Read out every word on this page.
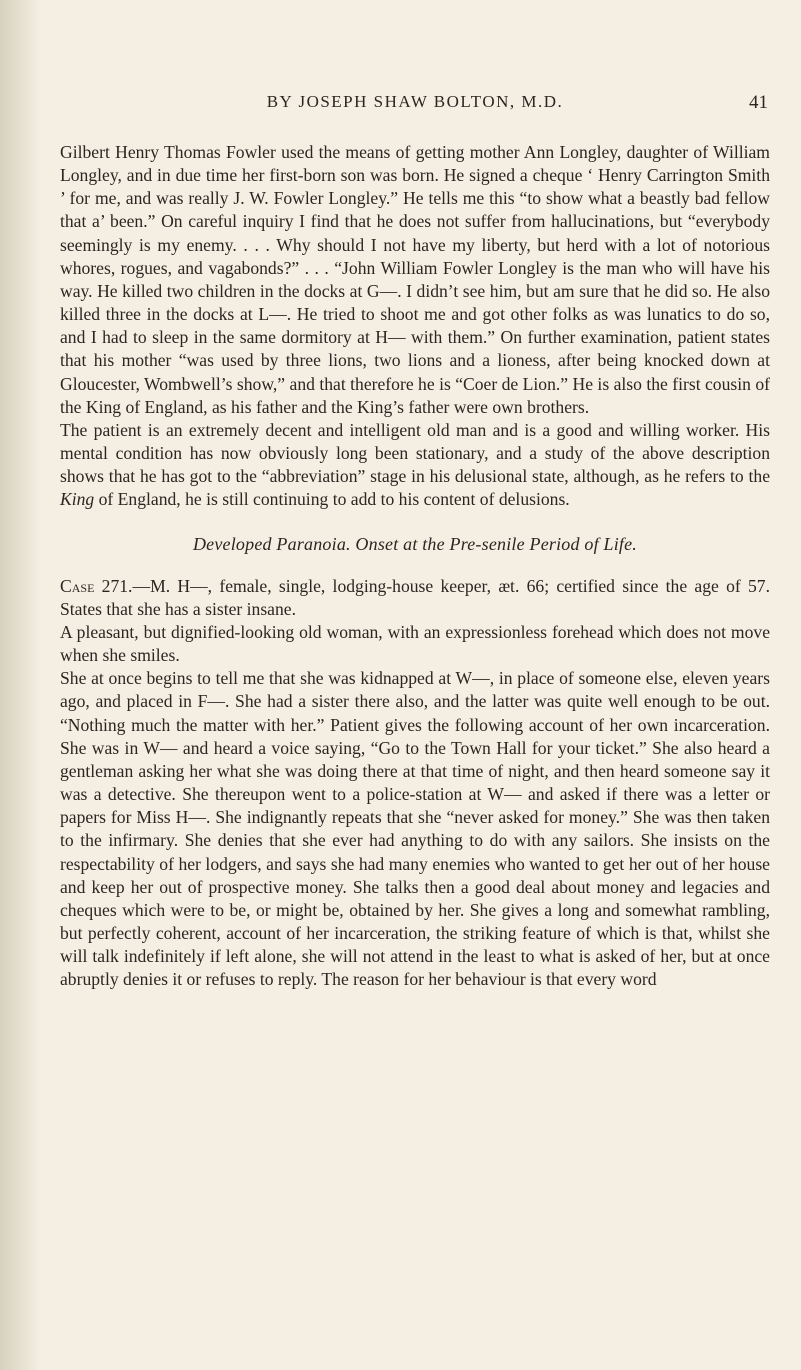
BY JOSEPH SHAW BOLTON, M.D.	41

Gilbert Henry Thomas Fowler used the means of getting mother Ann Longley, daughter of William Longley, and in due time her first-born son was born. He signed a cheque ‘ Henry Carrington Smith ’ for me, and was really J. W. Fowler Longley.” He tells me this “to show what a beastly bad fellow that a’ been.” On careful inquiry I find that he does not suffer from hallucinations, but “everybody seemingly is my enemy. . . . Why should I not have my liberty, but herd with a lot of notorious whores, rogues, and vagabonds?” . . . “John William Fowler Longley is the man who will have his way. He killed two children in the docks at G—. I didn’t see him, but am sure that he did so. He also killed three in the docks at L—. He tried to shoot me and got other folks as was lunatics to do so, and I had to sleep in the same dormitory at H— with them.” On further examination, patient states that his mother “was used by three lions, two lions and a lioness, after being knocked down at Gloucester, Wombwell’s show,” and that therefore he is “Coer de Lion.” He is also the first cousin of the King of England, as his father and the King’s father were own brothers.

The patient is an extremely decent and intelligent old man and is a good and willing worker. His mental condition has now obviously long been stationary, and a study of the above description shows that he has got to the “abbreviation” stage in his delusional state, although, as he refers to the King of England, he is still continuing to add to his content of delusions.

Developed Paranoia. Onset at the Pre-senile Period of Life.

Case 271.—M. H—, female, single, lodging-house keeper, æt. 66; certified since the age of 57. States that she has a sister insane.

A pleasant, but dignified-looking old woman, with an expressionless forehead which does not move when she smiles.

She at once begins to tell me that she was kidnapped at W—, in place of someone else, eleven years ago, and placed in F—. She had a sister there also, and the latter was quite well enough to be out. “Nothing much the matter with her.” Patient gives the following account of her own incarceration. She was in W— and heard a voice saying, “Go to the Town Hall for your ticket.” She also heard a gentleman asking her what she was doing there at that time of night, and then heard someone say it was a detective. She thereupon went to a police-station at W— and asked if there was a letter or papers for Miss H—. She indignantly repeats that she “never asked for money.” She was then taken to the infirmary. She denies that she ever had anything to do with any sailors. She insists on the respectability of her lodgers, and says she had many enemies who wanted to get her out of her house and keep her out of prospective money. She talks then a good deal about money and legacies and cheques which were to be, or might be, obtained by her. She gives a long and somewhat rambling, but perfectly coherent, account of her incarceration, the striking feature of which is that, whilst she will talk indefinitely if left alone, she will not attend in the least to what is asked of her, but at once abruptly denies it or refuses to reply. The reason for her behaviour is that every word
